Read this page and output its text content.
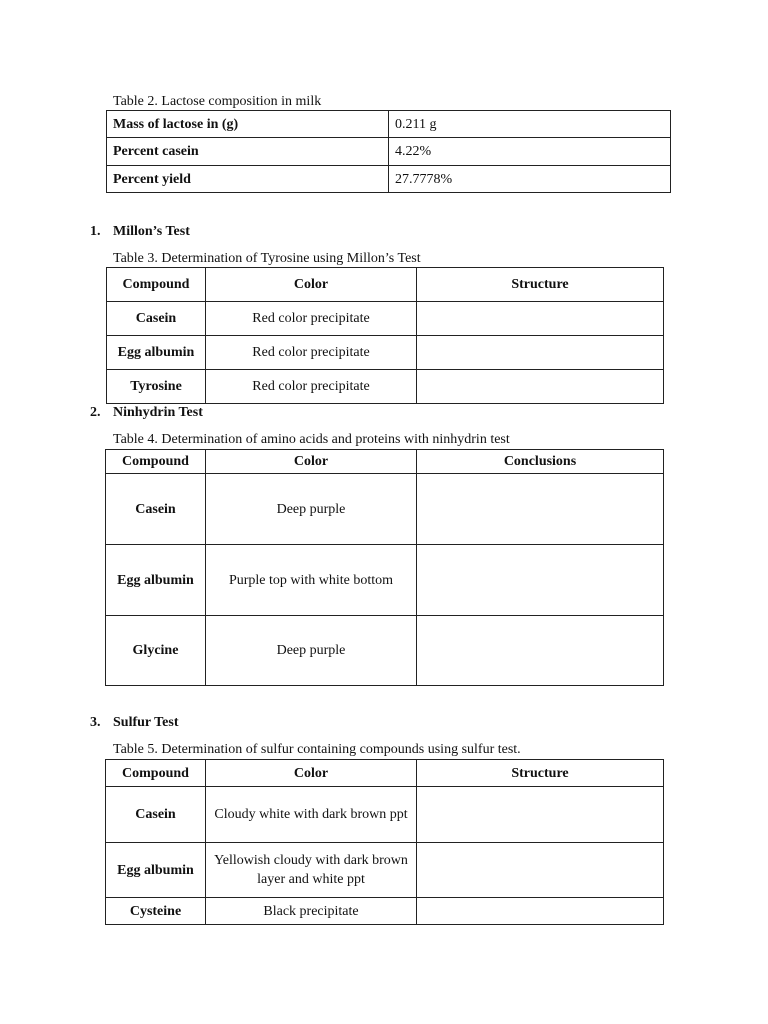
Table 2. Lactose composition in milk
Mass of lactose in (g)	0.211 g
Percent casein	4.22%
Percent yield	27.7778%
1. Millon’s Test
Table 3. Determination of Tyrosine using Millon’s Test
Compound	Color	Structure
Casein	Red color precipitate	
Egg albumin	Red color precipitate	
Tyrosine	Red color precipitate	
2. Ninhydrin Test
Table 4. Determination of amino acids and proteins with ninhydrin test
Compound	Color	Conclusions
Casein	Deep purple	
Egg albumin	Purple top with white bottom	
Glycine	Deep purple	
3. Sulfur Test
Table 5. Determination of sulfur containing compounds using sulfur test.
Compound	Color	Structure
Casein	Cloudy white with dark brown ppt	
Egg albumin	Yellowish cloudy with dark brown layer and white ppt	
Cysteine	Black precipitate	
